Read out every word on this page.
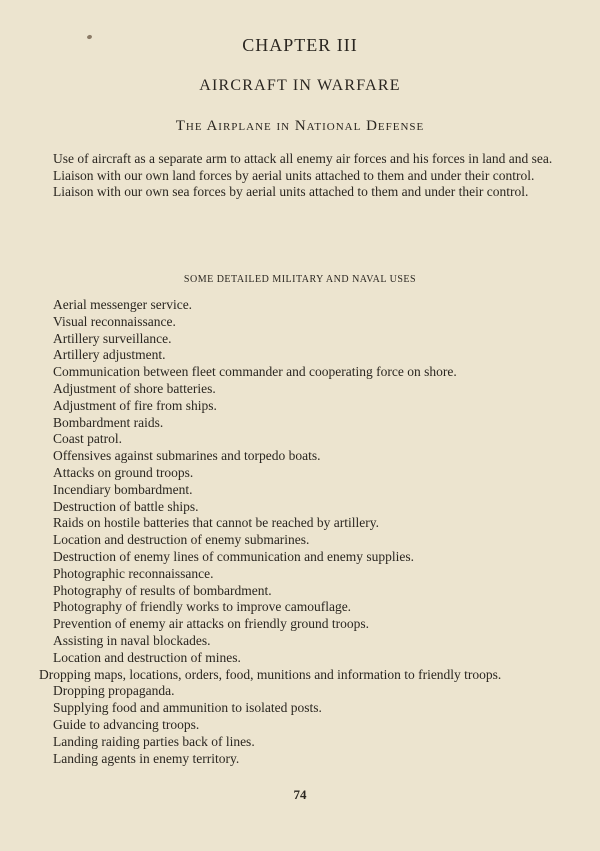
CHAPTER III
AIRCRAFT IN WARFARE
The Airplane in National Defense

Use of aircraft as a separate arm to attack all enemy air forces and his forces in land and sea.

Liaison with our own land forces by aerial units attached to them and under their control.

Liaison with our own sea forces by aerial units attached to them and under their control.

SOME DETAILED MILITARY AND NAVAL USES
Aerial messenger service.
Visual reconnaissance.
Artillery surveillance.
Artillery adjustment.
Communication between fleet commander and cooperating force on shore.
Adjustment of shore batteries.
Adjustment of fire from ships.
Bombardment raids.
Coast patrol.
Offensives against submarines and torpedo boats.
Attacks on ground troops.
Incendiary bombardment.
Destruction of battle ships.
Raids on hostile batteries that cannot be reached by artillery.
Location and destruction of enemy submarines.
Destruction of enemy lines of communication and enemy supplies.
Photographic reconnaissance.
Photography of results of bombardment.
Photography of friendly works to improve camouflage.
Prevention of enemy air attacks on friendly ground troops.
Assisting in naval blockades.
Location and destruction of mines.
Dropping maps, locations, orders, food, munitions and information to friendly troops.
Dropping propaganda.
Supplying food and ammunition to isolated posts.
Guide to advancing troops.
Landing raiding parties back of lines.
Landing agents in enemy territory.
74
